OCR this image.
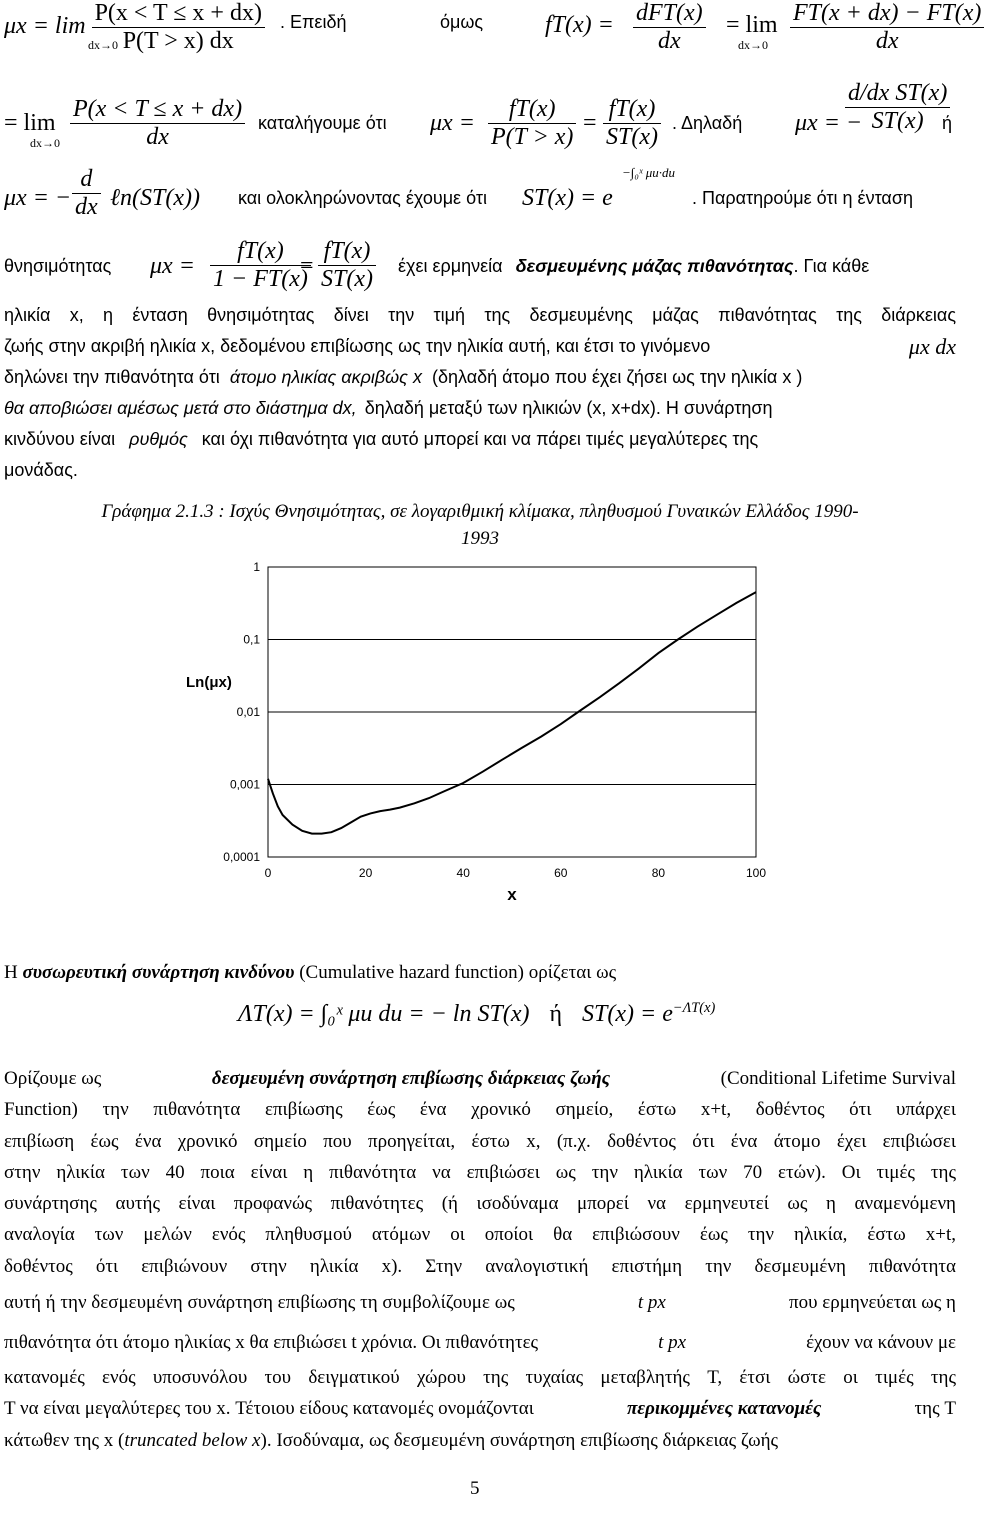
$\mu x = \lim \frac{P(x < T \le x + dx)}{P(T > x) dx}$
dx→0
. Επειδή	όμως	$fT(x) = \frac{\text{dFT(x)}}{dx} = \lim$
$dx\to 0 \frac{FT(x + dx) - FT(x)}{dx}$
= lim
$dx\to 0 \frac{P(x < T \le x + dx)}{dx}$ καταλήγουμε ότι $\mu x = \frac{fT(x)}{P(T > x)} = \frac{fT(x)}{ST(x)}$ . Δηλαδή μx = −
$\frac{\text{d/dx ST(x)}}{ST(x)}$
ή
μx = − $\frac{d}{dx}$ ℓn(ST(x)) και ολοκληρώνοντας έχουμε ότι ST(x) = e
−∫₀ˣ μu·du
. Παρατηρούμε ότι η ένταση
θνησιμότητας $\mu x = \frac{fT(x)}{1 - FT(x)}$
= $\frac{fT(x)}{ST(x)}$ έχει ερμηνεία δεσμευμένης μάζας πιθανότητας. Για κάθε
ηλικία x, η ένταση θνησιμότητας δίνει την τιμή της δεσμευμένης μάζας πιθανότητας της διάρκειας
ζωής στην ακριβή ηλικία x, δεδομένου επιβίωσης ως την ηλικία αυτή, και έτσι το γινόμενο	μx dx
δηλώνει την πιθανότητα ότι άτομο ηλικίας ακριβώς x (δηλαδή άτομο που έχει ζήσει ως την ηλικία x )
θα αποβιώσει αμέσως μετά στο διάστημα dx, δηλαδή μεταξύ των ηλικιών (x, x+dx). Η συνάρτηση
κινδύνου είναι ρυθμός και όχι πιθανότητα για αυτό μπορεί και να πάρει τιμές μεγαλύτερες της
μονάδας.
Γράφημα 2.1.3 : Ισχύς Θνησιμότητας, σε λογαριθμική κλίμακα, πληθυσμού Γυναικών Ελλάδος 1990-
1993
1
0,1
0,01
0,001
0,0001
0	20	40	60	80	100
Ln(μx)
x
Η συσωρευτική συνάρτηση κινδύνου (Cumulative hazard function) ορίζεται ως
ΛT(x) = ∫₀ˣ μu du = − ln ST(x) ή $ST(x) = e^{-\Lambda T(x)}$
Ορίζουμε ως	δεσμευμένη συνάρτηση επιβίωσης διάρκειας ζωής	(Conditional Lifetime Survival
Function) την πιθανότητα επιβίωσης έως ένα χρονικό σημείο, έστω x+t, δοθέντος ότι υπάρχει
επιβίωση έως ένα χρονικό σημείο που προηγείται, έστω x, (π.χ. δοθέντος ότι ένα άτομο έχει επιβιώσει
στην ηλικία των 40 ποια είναι η πιθανότητα να επιβιώσει ως την ηλικία των 70 ετών). Οι τιμές της
συνάρτησης αυτής είναι προφανώς πιθανότητες (ή ισοδύναμα μπορεί να ερμηνευτεί ως η αναμενόμενη
αναλογία των μελών ενός πληθυσμού ατόμων οι οποίοι θα επιβιώσουν έως την ηλικία, έστω x+t,
δοθέντος ότι επιβιώνουν στην ηλικία x). Στην αναλογιστική επιστήμη την δεσμευμένη πιθανότητα
αυτή ή την δεσμευμένη συνάρτηση επιβίωσης τη συμβολίζουμε ως	t px	που ερμηνεύεται ως η
πιθανότητα ότι άτομο ηλικίας x θα επιβιώσει t χρόνια. Οι πιθανότητες	t px	έχουν να κάνουν με
κατανομές ενός υποσυνόλου του δειγματικού χώρου της τυχαίας μεταβλητής T, έτσι ώστε οι τιμές της
T να είναι μεγαλύτερες του x. Τέτοιου είδους κατανομές ονομάζονται	περικομμένες κατανομές	της T
κάτωθεν της x (truncated below x). Ισοδύναμα, ως δεσμευμένη συνάρτηση επιβίωσης διάρκειας ζωής
5
